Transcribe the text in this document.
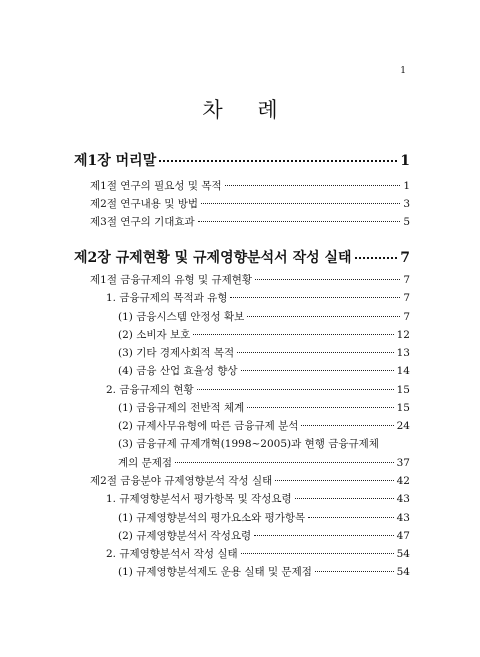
1
차 례
제1장 머리말	1
제1절 연구의 필요성 및 목적	1
제2절 연구내용 및 방법	3
제3절 연구의 기대효과	5
제2장 규제현황 및 규제영향분석서 작성 실태	7
제1절 금융규제의 유형 및 규제현황	7
1. 금융규제의 목적과 유형	7
(1) 금융시스템 안정성 확보	7
(2) 소비자 보호	12
(3) 기타 경제사회적 목적	13
(4) 금융 산업 효율성 향상	14
2. 금융규제의 현황	15
(1) 금융규제의 전반적 체계	15
(2) 규제사무유형에 따른 금융규제 분석	24
(3) 금융규제 규제개혁(1998~2005)과 현행 금융규제체
계의 문제점	37
제2절 금융분야 규제영향분석 작성 실태	42
1. 규제영향분석서 평가항목 및 작성요령	43
(1) 규제영향분석의 평가요소와 평가항목	43
(2) 규제영향분석서 작성요령	47
2. 규제영향분석서 작성 실태	54
(1) 규제영향분석제도 운용 실태 및 문제점	54
